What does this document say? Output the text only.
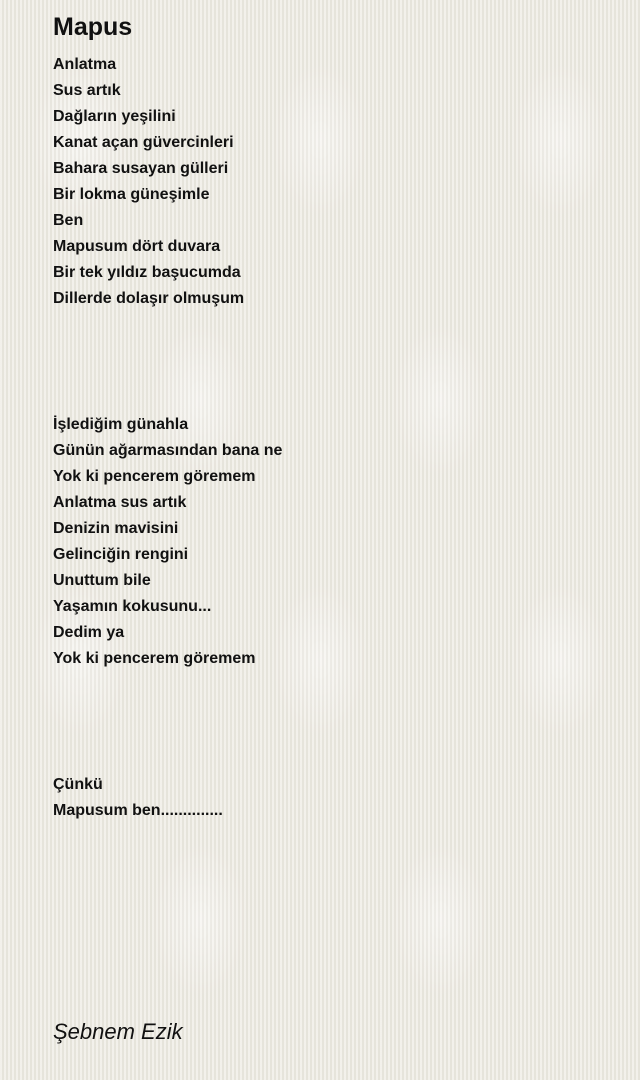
Mapus
Anlatma
Sus artık
Dağların yeşilini
Kanat açan güvercinleri
Bahara susayan gülleri
Bir lokma güneşimle
Ben
Mapusum dört duvara
Bir tek yıldız başucumda
Dillerde dolaşır olmuşum
İşlediğim günahla
Günün ağarmasından bana ne
Yok ki pencerem göremem
Anlatma sus artık
Denizin mavisini
Gelinciğin rengini
Unuttum bile
Yaşamın kokusunu...
Dedim ya
Yok ki pencerem göremem
Çünkü
Mapusum ben..............

Şebnem Ezik
